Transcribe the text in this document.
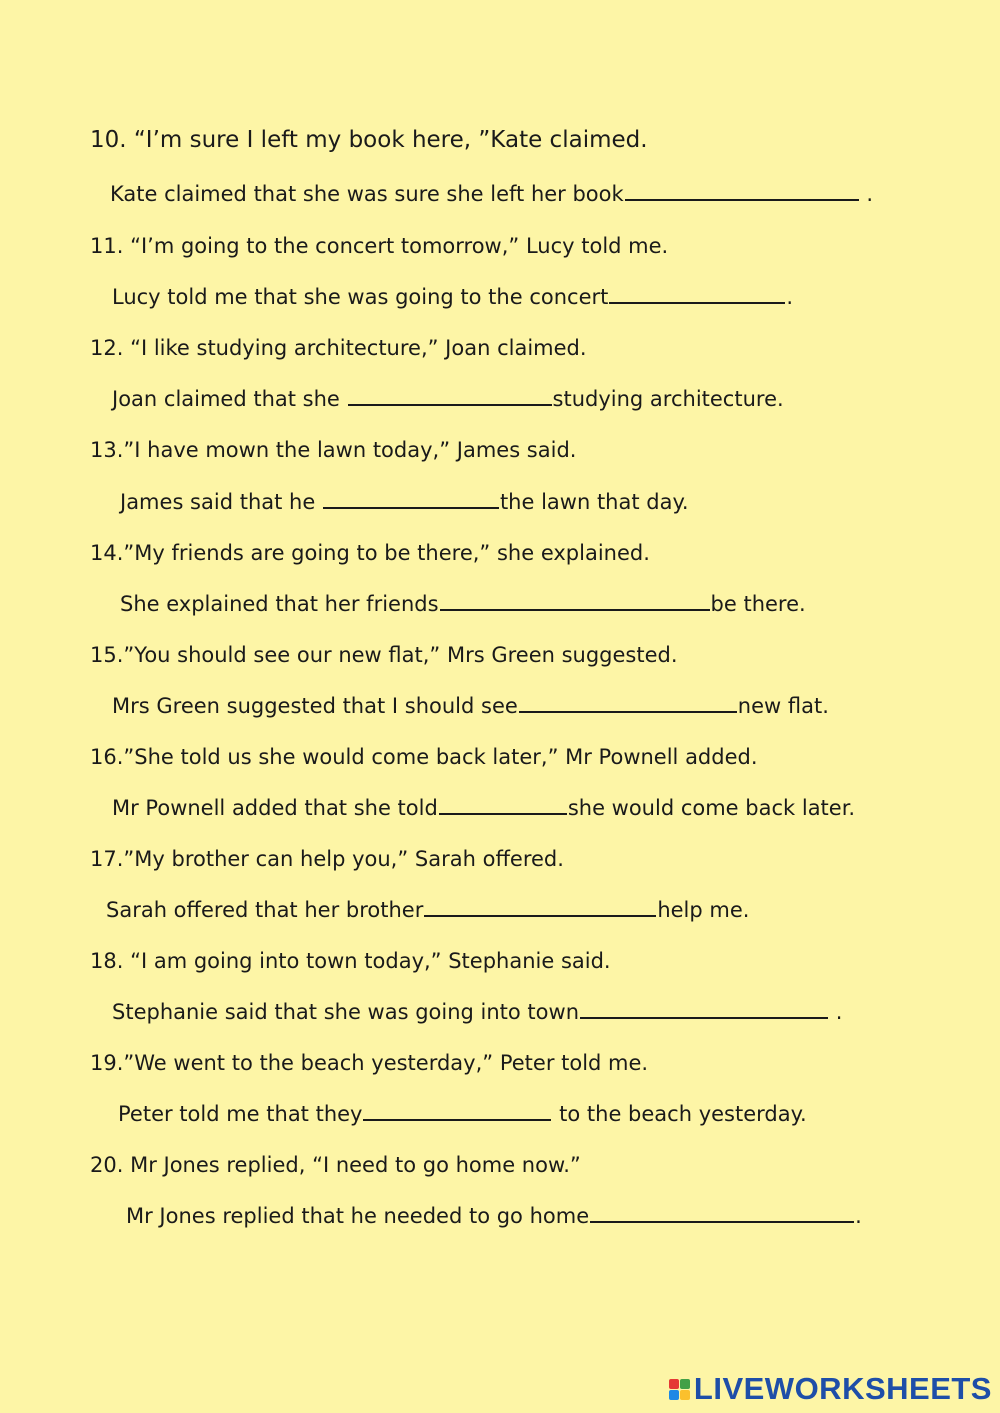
10. “I’m sure I left my book here, ”Kate claimed.
Kate claimed that she was sure she left her book	.
11. “I’m going to the concert tomorrow,” Lucy told me.
Lucy told me that she was going to the concert	.
12. “I like studying architecture,” Joan claimed.
Joan claimed that she	studying architecture.
13.”I have mown the lawn today,” James said.
James said that he	the lawn that day.
14.”My friends are going to be there,” she explained.
She explained that her friends	be there.
15.”You should see our new flat,” Mrs Green suggested.
Mrs Green suggested that I should see	new flat.
16.”She told us she would come back later,” Mr Pownell added.
Mr Pownell added that she told	she would come back later.
17.”My brother can help you,” Sarah offered.
Sarah offered that her brother	help me.
18. “I am going into town today,” Stephanie said.
Stephanie said that she was going into town	.
19.”We went to the beach yesterday,” Peter told me.
Peter told me that they	to the beach yesterday.
20. Mr Jones replied, “I need to go home now.”
Mr Jones replied that he needed to go home	.
LIVEWORKSHEETS
